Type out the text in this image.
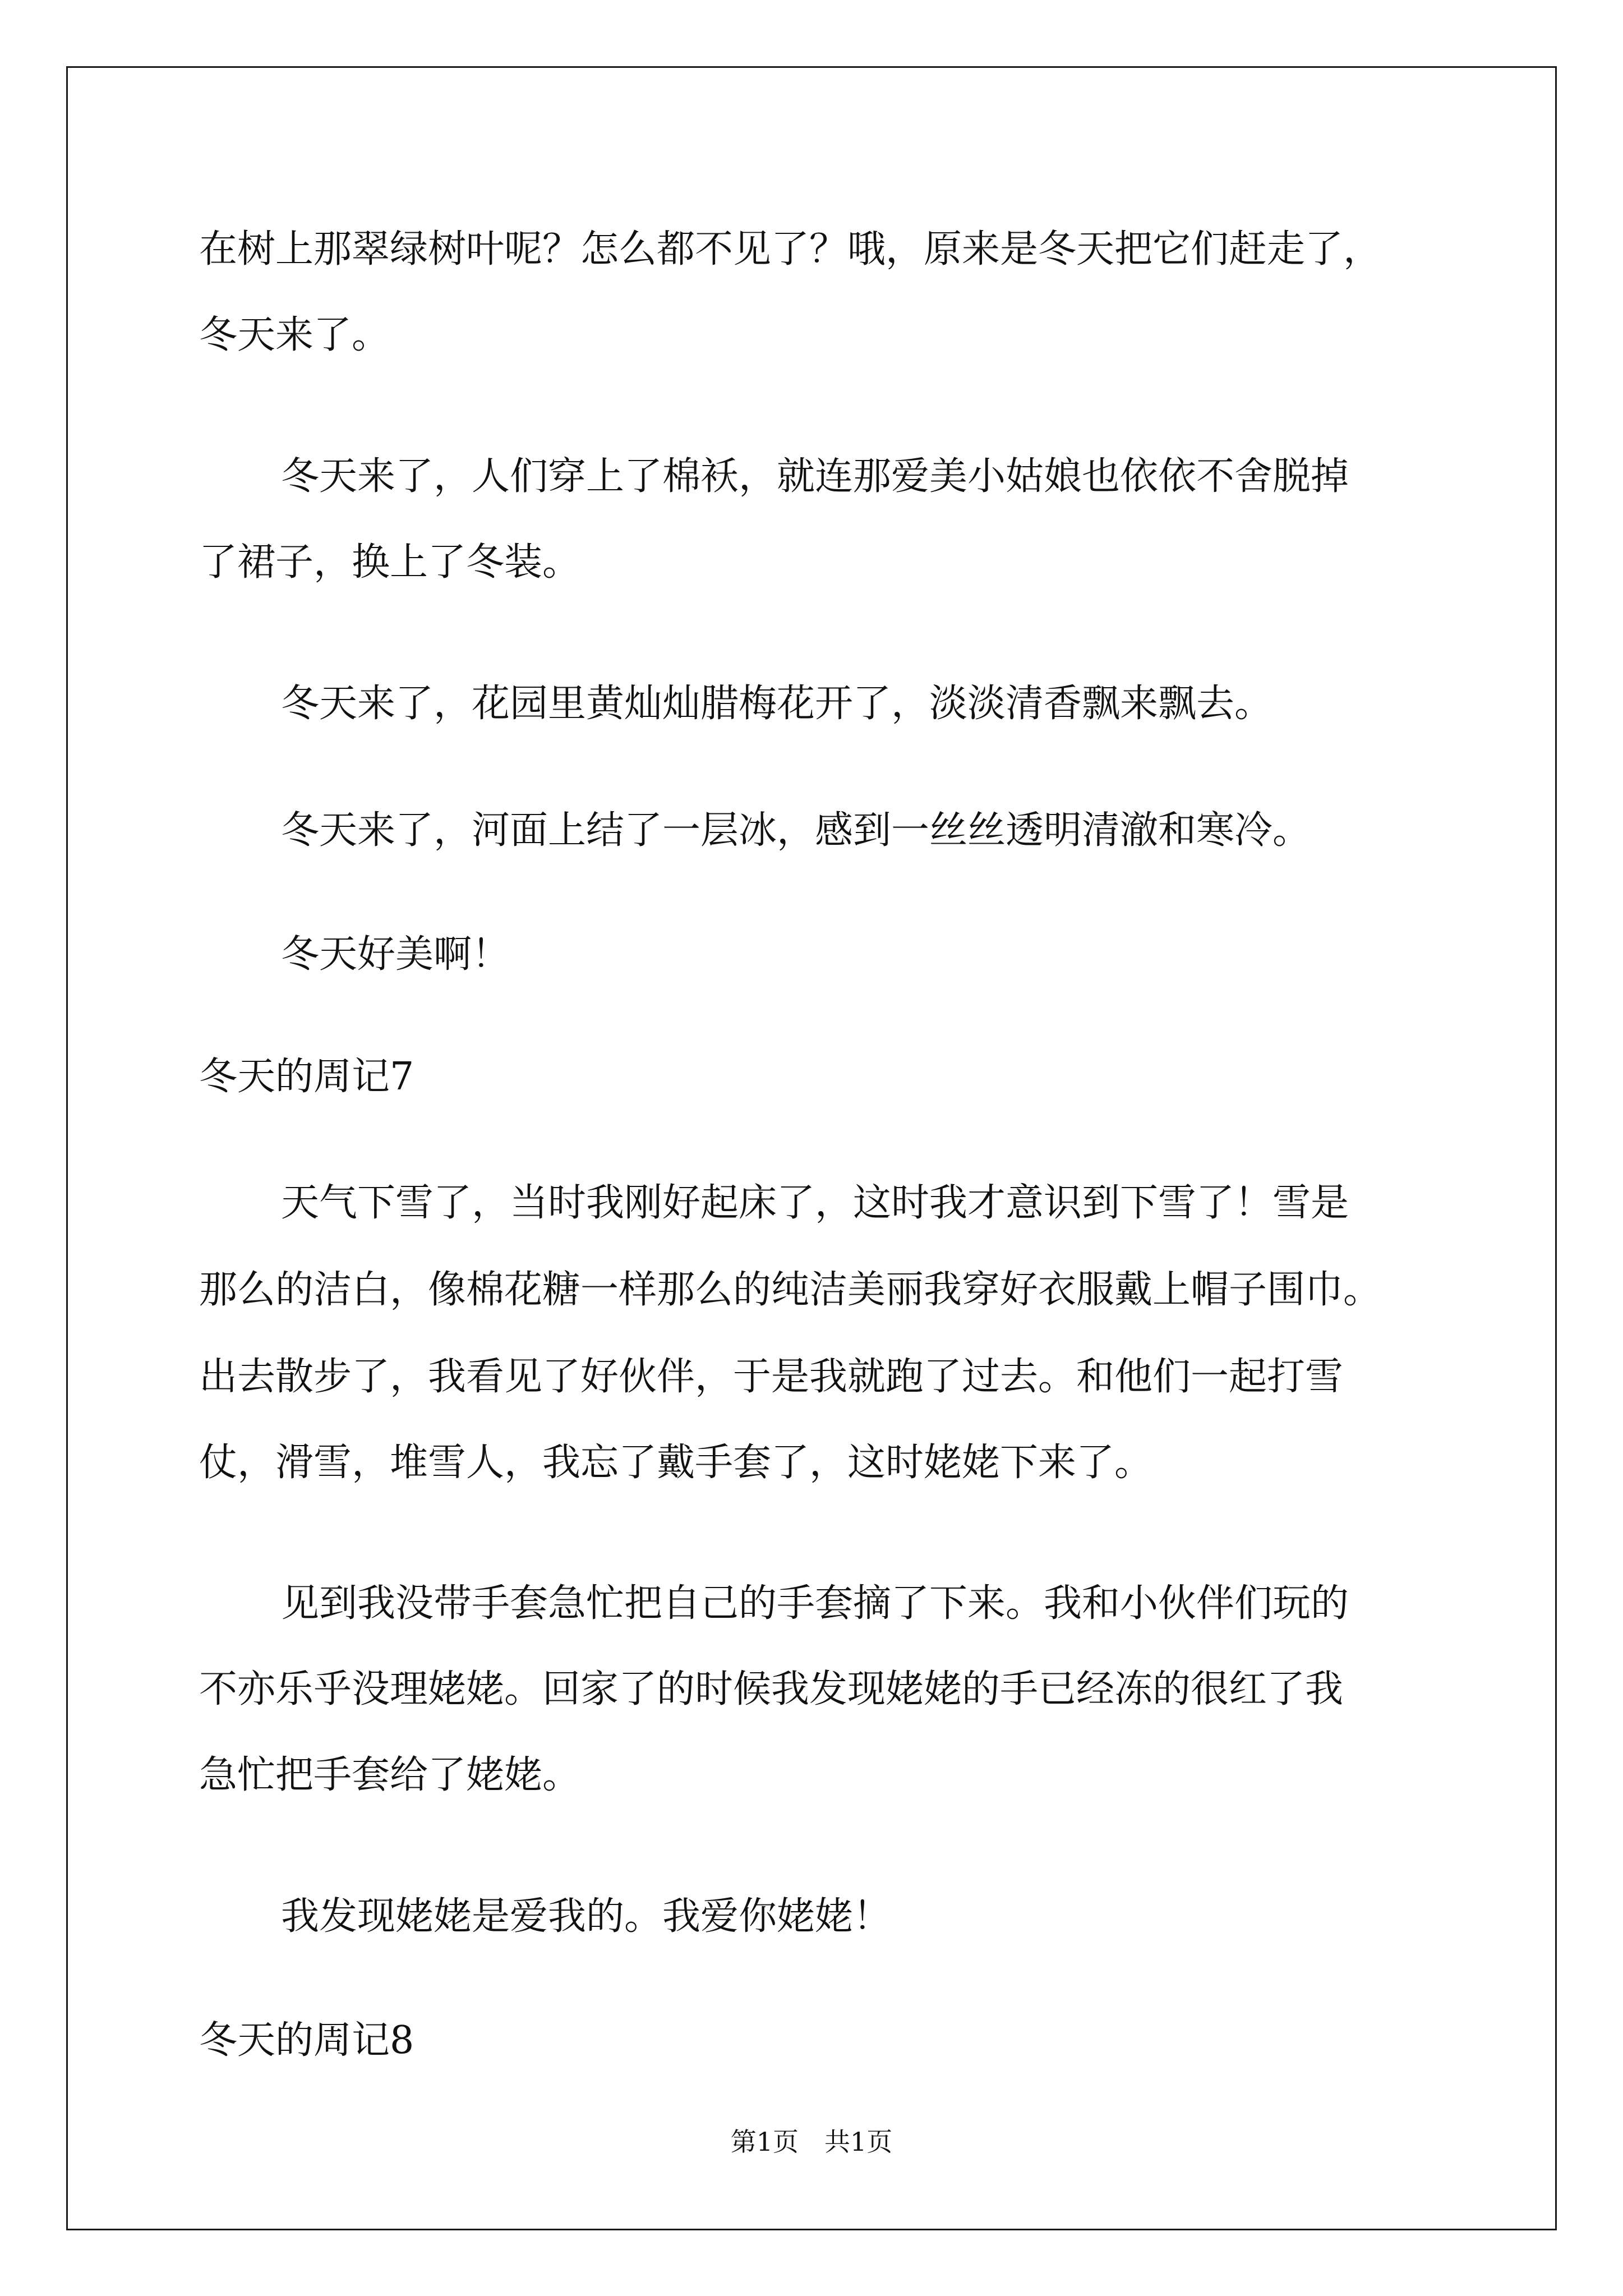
在树上那翠绿树叶呢？怎么都不见了？哦，原来是冬天把它们赶走了，
冬天来了。
冬天来了，人们穿上了棉袄，就连那爱美小姑娘也依依不舍脱掉
了裙子，换上了冬装。
冬天来了，花园里黄灿灿腊梅花开了，淡淡清香飘来飘去。
冬天来了，河面上结了一层冰，感到一丝丝透明清澈和寒冷。
冬天好美啊！
冬天的周记7
天气下雪了，当时我刚好起床了，这时我才意识到下雪了！雪是
那么的洁白，像棉花糖一样那么的纯洁美丽我穿好衣服戴上帽子围巾。
出去散步了，我看见了好伙伴，于是我就跑了过去。和他们一起打雪
仗，滑雪，堆雪人，我忘了戴手套了，这时姥姥下来了。
见到我没带手套急忙把自己的手套摘了下来。我和小伙伴们玩的
不亦乐乎没理姥姥。回家了的时候我发现姥姥的手已经冻的很红了我
急忙把手套给了姥姥。
我发现姥姥是爱我的。我爱你姥姥！
冬天的周记8
第1页　共1页
